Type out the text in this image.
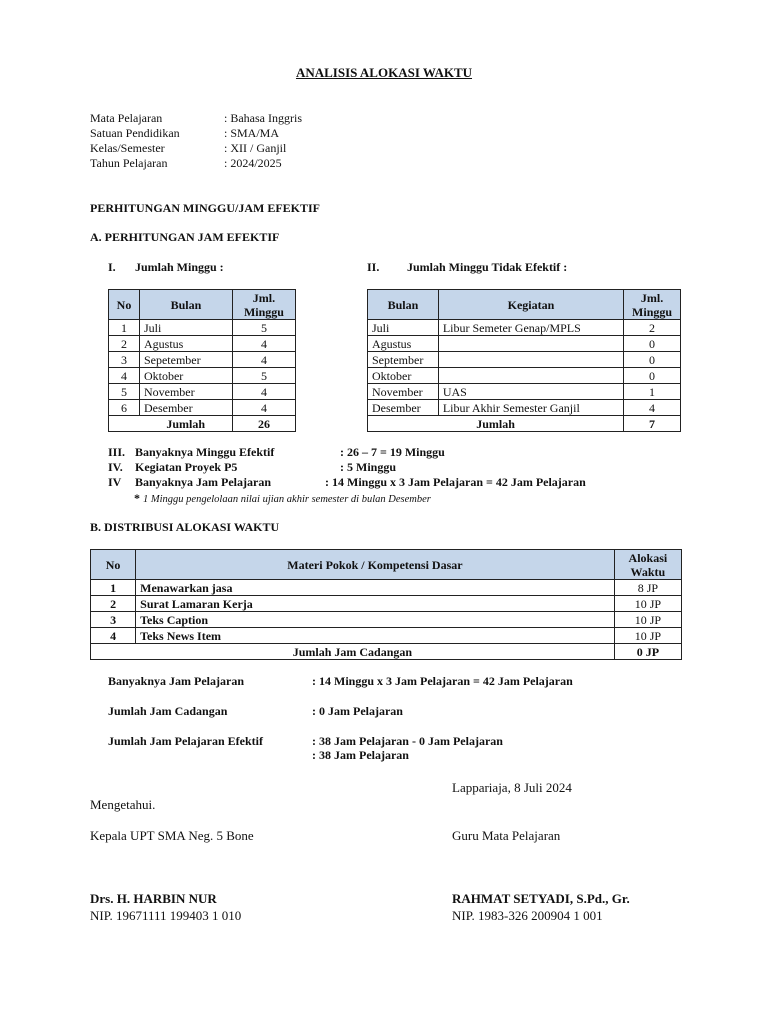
ANALISIS ALOKASI WAKTU
Mata Pelajaran	: Bahasa Inggris
Satuan Pendidikan	: SMA/MA
Kelas/Semester	: XII / Ganjil
Tahun Pelajaran	: 2024/2025
PERHITUNGAN MINGGU/JAM EFEKTIF
A. PERHITUNGAN JAM EFEKTIF
I. Jumlah Minggu :	II. Jumlah Minggu Tidak Efektif :
No	Bulan	Jml. Minggu
1	Juli	5
2	Agustus	4
3	Sepetember	4
4	Oktober	5
5	November	4
6	Desember	4
	Jumlah	26
Bulan	Kegiatan	Jml. Minggu
Juli	Libur Semeter Genap/MPLS	2
Agustus		0
September		0
Oktober		0
November	UAS	1
Desember	Libur Akhir Semester Ganjil	4
Jumlah		7
III. Banyaknya Minggu Efektif	: 26 – 7 = 19 Minggu
IV.	Kegiatan Proyek P5	: 5 Minggu
IV	Banyaknya Jam Pelajaran	: 14 Minggu x 3 Jam Pelajaran = 42 Jam Pelajaran
* 1 Minggu pengelolaan nilai ujian akhir semester di bulan Desember
B. DISTRIBUSI ALOKASI WAKTU
No	Materi Pokok / Kompetensi Dasar	Alokasi Waktu
1	Menawarkan jasa	8 JP
2	Surat Lamaran Kerja	10 JP
3	Teks Caption	10 JP
4	Teks News Item	10 JP
Jumlah Jam Cadangan		0 JP
Banyaknya Jam Pelajaran	: 14 Minggu x 3 Jam Pelajaran = 42 Jam Pelajaran
Jumlah Jam Cadangan	: 0 Jam Pelajaran
Jumlah Jam Pelajaran Efektif	: 38 Jam Pelajaran - 0 Jam Pelajaran
: 38 Jam Pelajaran
Lappariaja, 8 Juli 2024
Mengetahui.
Kepala UPT SMA Neg. 5 Bone	Guru Mata Pelajaran
Drs. H. HARBIN NUR
NIP. 19671111 199403 1 010
RAHMAT SETYADI, S.Pd., Gr.
NIP. 1983-326 200904 1 001
